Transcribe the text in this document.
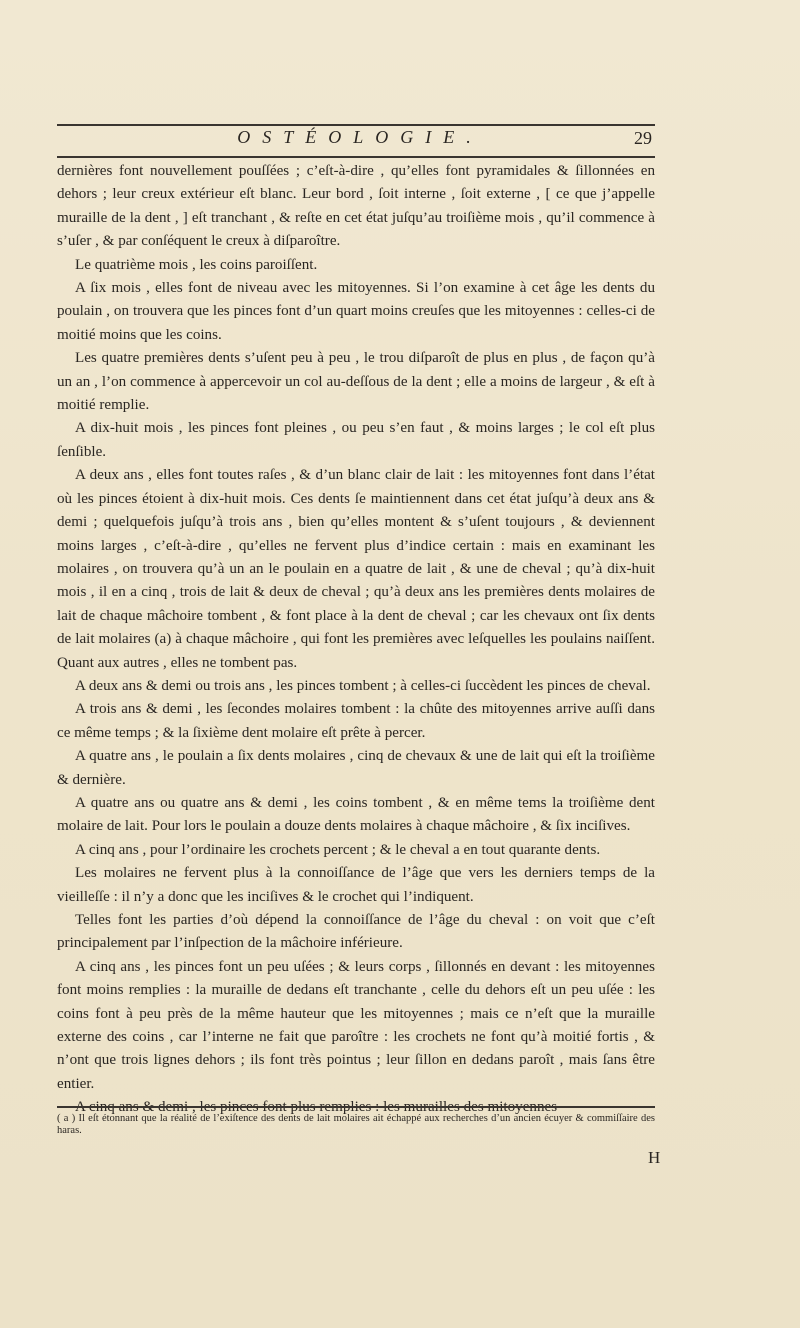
OSTÉOLOGIE.	29

dernières font nouvellement pouſſées ; c’eſt-à-dire , qu’elles font pyramidales & ſillonnées en dehors ; leur creux extérieur eſt blanc. Leur bord , ſoit interne , ſoit externe , [ ce que j’appelle muraille de la dent , ] eſt tranchant , & reſte en cet état juſqu’au troiſième mois , qu’il commence à s’uſer , & par conſéquent le creux à diſparoître.

Le quatrième mois , les coins paroiſſent.

A ſix mois , elles font de niveau avec les mitoyennes. Si l’on examine à cet âge les dents du poulain , on trouvera que les pinces font d’un quart moins creuſes que les mitoyennes : celles-ci de moitié moins que les coins.

Les quatre premières dents s’uſent peu à peu , le trou diſparoît de plus en plus , de façon qu’à un an , l’on commence à appercevoir un col au-deſſous de la dent ; elle a moins de largeur , & eſt à moitié remplie.

A dix-huit mois , les pinces font pleines , ou peu s’en faut , & moins larges ; le col eſt plus ſenſible.

A deux ans , elles font toutes raſes , & d’un blanc clair de lait : les mitoyennes font dans l’état où les pinces étoient à dix-huit mois. Ces dents ſe maintiennent dans cet état juſqu’à deux ans & demi ; quelquefois juſqu’à trois ans , bien qu’elles montent & s’uſent toujours , & deviennent moins larges , c’eſt-à-dire , qu’elles ne fervent plus d’indice certain : mais en examinant les molaires , on trouvera qu’à un an le poulain en a quatre de lait , & une de cheval ; qu’à dix-huit mois , il en a cinq , trois de lait & deux de cheval ; qu’à deux ans les premières dents molaires de lait de chaque mâchoire tombent , & font place à la dent de cheval ; car les chevaux ont ſix dents de lait molaires (a) à chaque mâchoire , qui font les premières avec leſquelles les poulains naiſſent. Quant aux autres , elles ne tombent pas.

A deux ans & demi ou trois ans , les pinces tombent ; à celles-ci ſuccèdent les pinces de cheval.

A trois ans & demi , les ſecondes molaires tombent : la chûte des mitoyennes arrive auſſi dans ce même temps ; & la ſixième dent molaire eſt prête à percer.

A quatre ans , le poulain a ſix dents molaires , cinq de chevaux & une de lait qui eſt la troiſième & dernière.

A quatre ans ou quatre ans & demi , les coins tombent , & en même tems la troiſième dent molaire de lait. Pour lors le poulain a douze dents molaires à chaque mâchoire , & ſix inciſives.

A cinq ans , pour l’ordinaire les crochets percent ; & le cheval a en tout quarante dents.

Les molaires ne fervent plus à la connoiſſance de l’âge que vers les derniers temps de la vieilleſſe : il n’y a donc que les inciſives & le crochet qui l’indiquent.

Telles font les parties d’où dépend la connoiſſance de l’âge du cheval : on voit que c’eſt principalement par l’inſpection de la mâchoire inférieure.

A cinq ans , les pinces font un peu uſées ; & leurs corps , ſillonnés en devant : les mitoyennes font moins remplies : la muraille de dedans eſt tranchante , celle du dehors eſt un peu uſée : les coins font à peu près de la même hauteur que les mitoyennes ; mais ce n’eſt que la muraille externe des coins , car l’interne ne fait que paroître : les crochets ne font qu’à moitié fortis , & n’ont que trois lignes dehors ; ils font très pointus ; leur ſillon en dedans paroît , mais ſans être entier.

( a ) Il eſt étonnant que la réalité de l’exiſtence des dents de lait molaires ait échappé aux recherches d’un ancien écuyer & commiſſaire des haras.
H
